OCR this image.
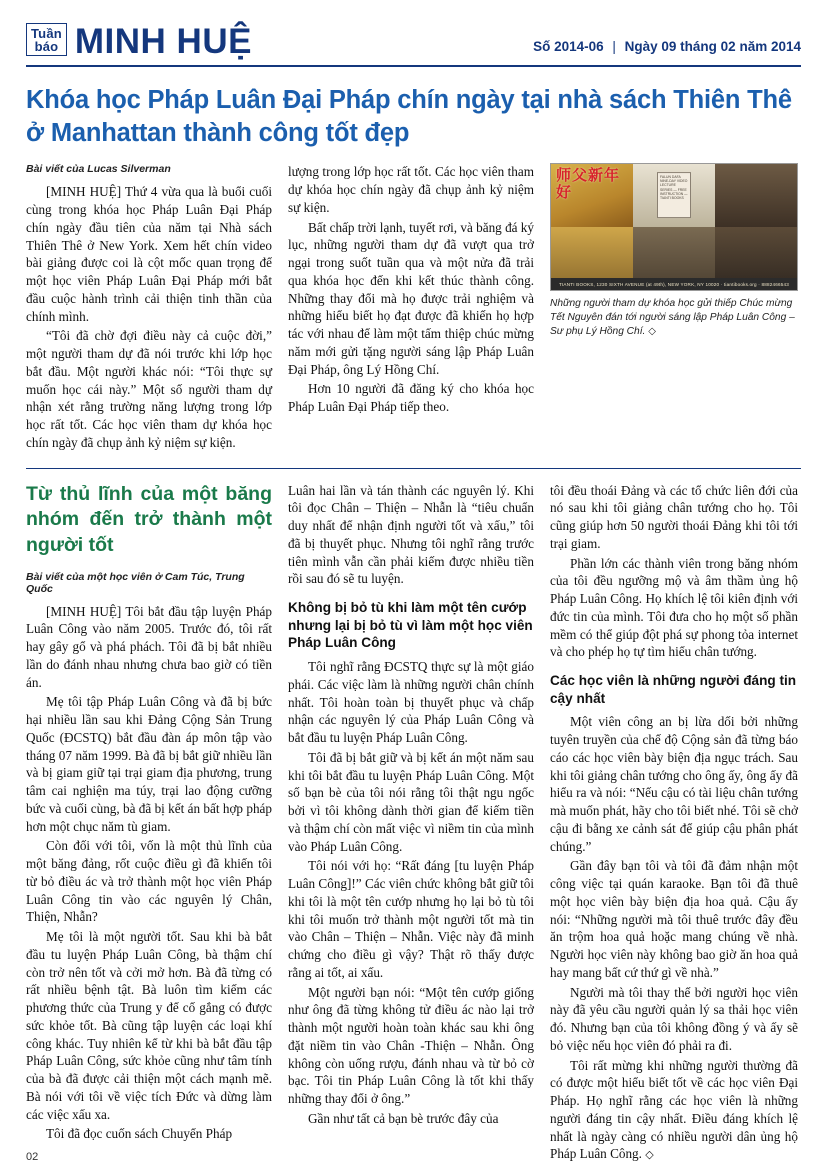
Tuần
báo MINH HUỆ	Số 2014-06 | Ngày 09 tháng 02 năm 2014
Khóa học Pháp Luân Đại Pháp chín ngày tại nhà sách Thiên Thê ở Manhattan thành công tốt đẹp
Bài viết của Lucas Silverman

[MINH HUỆ] Thứ 4 vừa qua là buổi cuối cùng trong khóa học Pháp Luân Đại Pháp chín ngày đầu tiên của năm tại Nhà sách Thiên Thê ở New York. Xem hết chín video bài giảng được coi là cột mốc quan trọng để một học viên Pháp Luân Đại Pháp mới bắt đầu cuộc hành trình cải thiện tinh thần của chính mình.

“Tôi đã chờ đợi điều này cả cuộc đời,” một người tham dự đã nói trước khi lớp học bắt đầu. Một người khác nói: “Tôi thực sự muốn học cái này.” Một số người tham dự nhận xét rằng trường năng lượng trong lớp học rất tốt. Các học viên tham dự khóa học chín ngày đã chụp ảnh kỷ niệm sự kiện.

lượng trong lớp học rất tốt. Các học viên tham dự khóa học chín ngày đã chụp ảnh kỷ niệm sự kiện.

Bất chấp trời lạnh, tuyết rơi, và băng đá ký lục, những người tham dự đã vượt qua trở ngại trong suốt tuần qua và một nửa đã trải qua khóa học đến khi kết thúc thành công. Những thay đổi mà họ được trải nghiệm và những hiểu biết họ đạt được đã khiến họ hợp tác với nhau để làm một tấm thiệp chúc mừng năm mới gửi tặng người sáng lập Pháp Luân Đại Pháp, ông Lý Hồng Chí.

Hơn 10 người đã đăng ký cho khóa học Pháp Luân Đại Pháp tiếp theo.

师父新年好
FALUN DAFA NINE-DAY VIDEO LECTURE SERIES — FREE INSTRUCTION — TIANTI BOOKS
TIANTI BOOKS, 1230 SIXTH AVENUE (at 49th), NEW YORK, NY 10020 · tiantibooks.org · 8882466543
Những người tham dự khóa học gửi thiếp Chúc mừng Tết Nguyên đán tới người sáng lập Pháp Luân Công – Sư phụ Lý Hồng Chí. ◇
Từ thủ lĩnh của một băng nhóm đến trở thành một người tốt
Bài viết của một học viên ở Cam Túc, Trung Quốc

[MINH HUỆ] Tôi bắt đầu tập luyện Pháp Luân Công vào năm 2005. Trước đó, tôi rất hay gây gổ và phá phách. Tôi đã bị bắt nhiều lần do đánh nhau nhưng chưa bao giờ có tiền án.

Mẹ tôi tập Pháp Luân Công và đã bị bức hại nhiều lần sau khi Đảng Cộng Sản Trung Quốc (ĐCSTQ) bắt đầu đàn áp môn tập vào tháng 07 năm 1999. Bà đã bị bắt giữ nhiều lần và bị giam giữ tại trại giam địa phương, trung tâm cai nghiện ma túy, trại lao động cưỡng bức và cuối cùng, bà đã bị kết án bất hợp pháp hơn một chục năm tù giam.

Còn đối với tôi, vốn là một thủ lĩnh của một băng đảng, rốt cuộc điều gì đã khiến tôi từ bỏ điều ác và trở thành một học viên Pháp Luân Công tin vào các nguyên lý Chân, Thiện, Nhẫn?

Mẹ tôi là một người tốt. Sau khi bà bắt đầu tu luyện Pháp Luân Công, bà thậm chí còn trở nên tốt và cởi mở hơn. Bà đã từng có rất nhiều bệnh tật. Bà luôn tìm kiếm các phương thức của Trung y để cố gắng có được sức khỏe tốt. Bà cũng tập luyện các loại khí công khác. Tuy nhiên kể từ khi bà bắt đầu tập Pháp Luân Công, sức khỏe cũng như tâm tính của bà đã được cải thiện một cách mạnh mẽ. Bà nói với tôi về việc tích Đức và dừng làm các việc xấu xa.

Tôi đã đọc cuốn sách Chuyển Pháp

Luân hai lần và tán thành các nguyên lý. Khi tôi đọc Chân – Thiện – Nhẫn là “tiêu chuẩn duy nhất để nhận định người tốt và xấu,” tôi đã bị thuyết phục. Nhưng tôi nghĩ rằng trước tiên mình vẫn cần phải kiếm được nhiều tiền rồi sau đó sẽ tu luyện.

Không bị bỏ tù khi làm một tên cướp nhưng lại bị bỏ tù vì làm một học viên Pháp Luân Công

Tôi nghĩ rằng ĐCSTQ thực sự là một giáo phái. Các việc làm là những người chân chính nhất. Tôi hoàn toàn bị thuyết phục và chấp nhận các nguyên lý của Pháp Luân Công và bắt đầu tu luyện Pháp Luân Công.

Tôi đã bị bắt giữ và bị kết án một năm sau khi tôi bắt đầu tu luyện Pháp Luân Công. Một số bạn bè của tôi nói rằng tôi thật ngu ngốc bởi vì tôi không dành thời gian để kiếm tiền và thậm chí còn mất việc vì niềm tin của mình vào Pháp Luân Công.

Tôi nói với họ: “Rất đáng [tu luyện Pháp Luân Công]!” Các viên chức không bắt giữ tôi khi tôi là một tên cướp nhưng họ lại bỏ tù tôi khi tôi muốn trở thành một người tốt mà tin vào Chân – Thiện – Nhẫn. Việc này đã minh chứng cho điều gì vậy? Thật rõ thấy được rằng ai tốt, ai xấu.

Một người bạn nói: “Một tên cướp giống như ông đã từng không tử điều ác nào lại trở thành một người hoàn toàn khác sau khi ông đặt niềm tin vào Chân -Thiện – Nhẫn. Ông không còn uống rượu, đánh nhau và từ bỏ cờ bạc. Tôi tin Pháp Luân Công là tốt khi thấy những thay đổi ở ông.”

Gần như tất cả bạn bè trước đây của

tôi đều thoái Đảng và các tổ chức liên đới của nó sau khi tôi giảng chân tướng cho họ. Tôi cũng giúp hơn 50 người thoái Đảng khi tôi tới trại giam.

Phần lớn các thành viên trong băng nhóm của tôi đều ngưỡng mộ và âm thầm ủng hộ Pháp Luân Công. Họ khích lệ tôi kiên định với đức tin của mình. Tôi đưa cho họ một số phần mềm có thể giúp đột phá sự phong tỏa internet và cho phép họ tự tìm hiểu chân tướng.

Các học viên là những người đáng tin cậy nhất

Một viên công an bị lừa dối bởi những tuyên truyền của chế độ Cộng sản đã từng báo cáo các học viên bày biện địa ngục trách. Sau khi tôi giảng chân tướng cho ông ấy, ông ấy đã hiểu ra và nói: “Nếu cậu có tài liệu chân tướng mà muốn phát, hãy cho tôi biết nhé. Tôi sẽ chở cậu đi bằng xe cảnh sát để giúp cậu phân phát chúng.”

Gần đây bạn tôi và tôi đã đảm nhận một công việc tại quán karaoke. Bạn tôi đã thuê một học viên bày biện địa hoa quả. Cậu ấy nói: “Những người mà tôi thuê trước đây đều ăn trộm hoa quả hoặc mang chúng về nhà. Người học viên này không bao giờ ăn hoa quả hay mang bất cứ thứ gì về nhà.”

Người mà tôi thay thế bởi người học viên này đã yêu cầu người quản lý sa thải học viên đó. Nhưng bạn của tôi không đồng ý và ấy sẽ bỏ việc nếu học viên đó phải ra đi.

Tôi rất mừng khi những người thường đã có được một hiểu biết tốt về các học viên Đại Pháp. Họ nghĩ rằng các học viên là những người đáng tin cậy nhất. Điều đáng khích lệ nhất là ngày càng có nhiều người dân ủng hộ Pháp Luân Công. ◇

02
